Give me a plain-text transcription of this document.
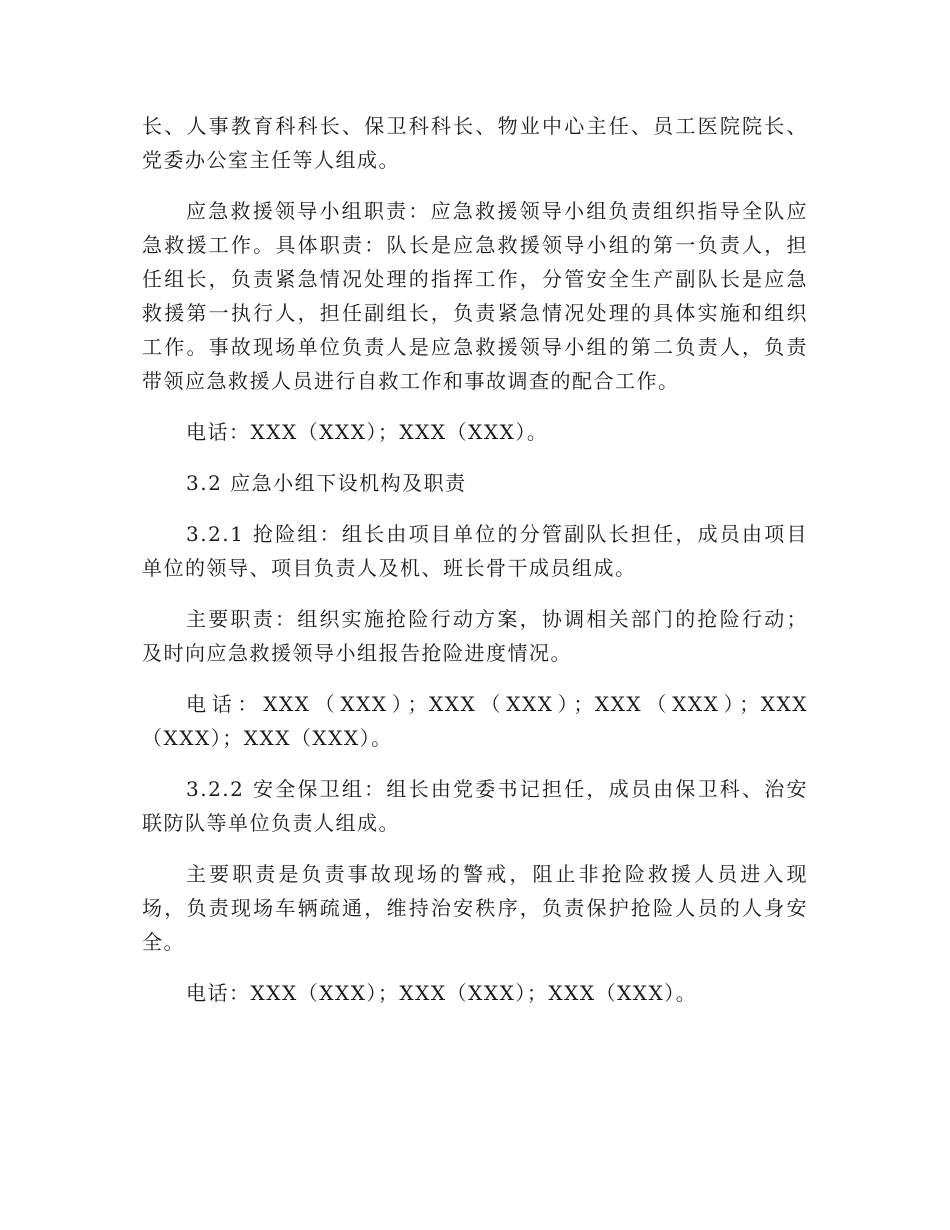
长、人事教育科科长、保卫科科长、物业中心主任、员工医院院长、党委办公室主任等人组成。

应急救援领导小组职责：应急救援领导小组负责组织指导全队应急救援工作。具体职责：队长是应急救援领导小组的第一负责人，担任组长，负责紧急情况处理的指挥工作，分管安全生产副队长是应急救援第一执行人，担任副组长，负责紧急情况处理的具体实施和组织工作。事故现场单位负责人是应急救援领导小组的第二负责人，负责带领应急救援人员进行自救工作和事故调查的配合工作。

电话：XXX（XXX）；XXX（XXX）。

3.2 应急小组下设机构及职责

3.2.1 抢险组：组长由项目单位的分管副队长担任，成员由项目单位的领导、项目负责人及机、班长骨干成员组成。

主要职责：组织实施抢险行动方案，协调相关部门的抢险行动；及时向应急救援领导小组报告抢险进度情况。

电话：XXX（XXX）；XXX（XXX）；XXX（XXX）；XXX（XXX）；XXX（XXX）。

3.2.2 安全保卫组：组长由党委书记担任，成员由保卫科、治安联防队等单位负责人组成。

主要职责是负责事故现场的警戒，阻止非抢险救援人员进入现场，负责现场车辆疏通，维持治安秩序，负责保护抢险人员的人身安全。

电话：XXX（XXX）；XXX（XXX）；XXX（XXX）。
